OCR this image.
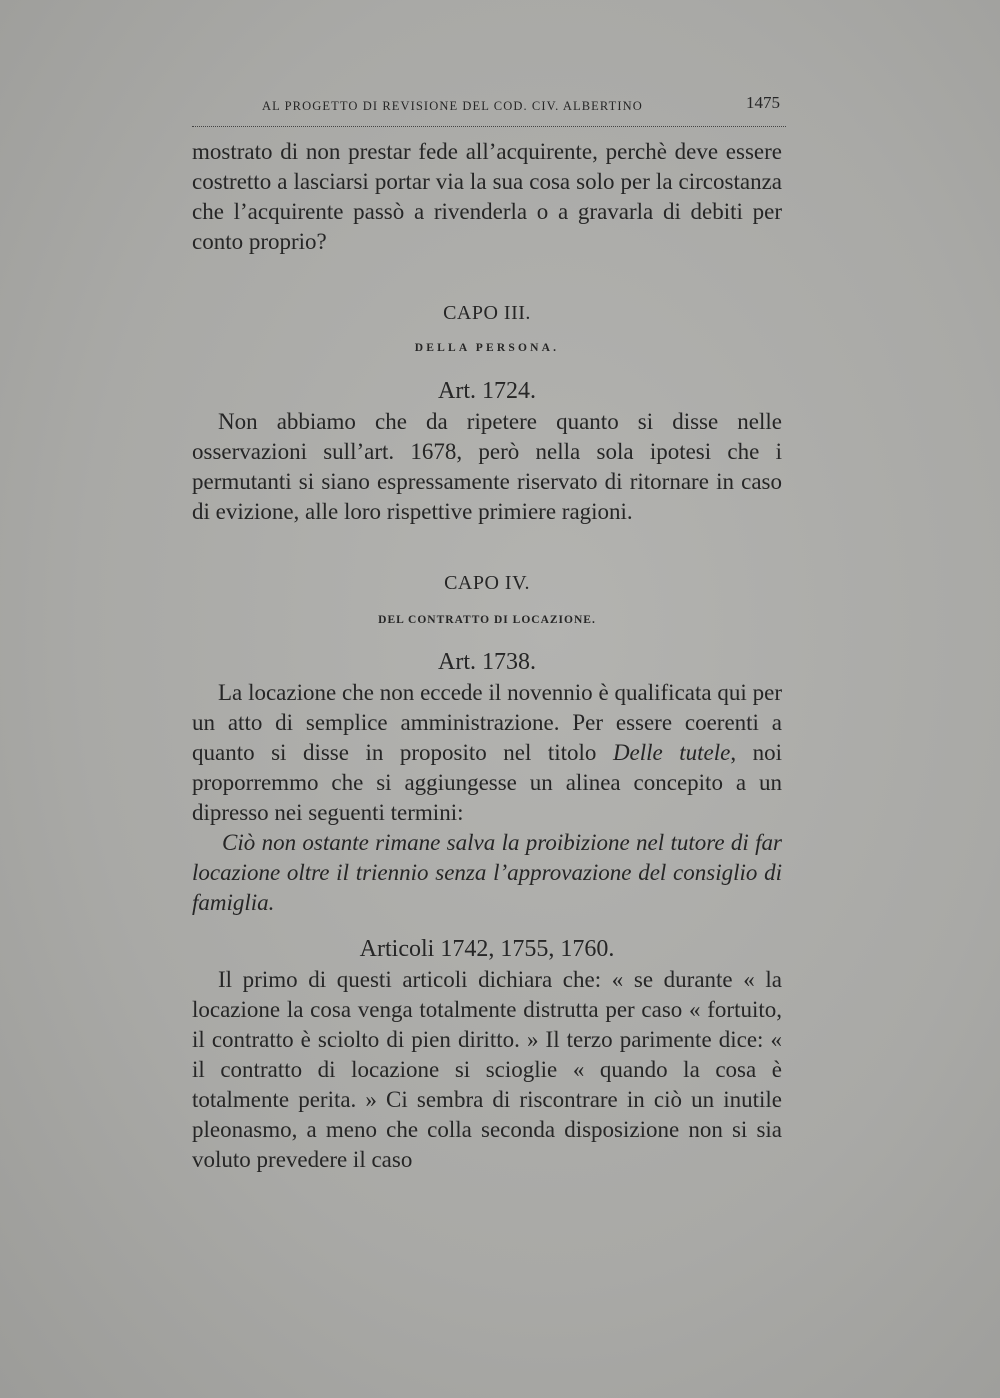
AL PROGETTO DI REVISIONE DEL COD. CIV. ALBERTINO	1475

mostrato di non prestar fede all’acquirente, perchè deve essere costretto a lasciarsi portar via la sua cosa solo per la circostanza che l’acquirente passò a rivenderla o a gravarla di debiti per conto proprio?

CAPO III.

DELLA PERSONA.

Art. 1724.

Non abbiamo che da ripetere quanto si disse nelle osservazioni sull’art. 1678, però nella sola ipotesi che i permutanti si siano espressamente riservato di ritornare in caso di evizione, alle loro rispettive primiere ragioni.

CAPO IV.

DEL CONTRATTO DI LOCAZIONE.

Art. 1738.

La locazione che non eccede il novennio è qualificata qui per un atto di semplice amministrazione. Per essere coerenti a quanto si disse in proposito nel titolo Delle tutele, noi proporremmo che si aggiungesse un alinea concepito a un dipresso nei seguenti termini:

Ciò non ostante rimane salva la proibizione nel tutore di far locazione oltre il triennio senza l’approvazione del consiglio di famiglia.

Articoli 1742, 1755, 1760.

Il primo di questi articoli dichiara che: « se durante « la locazione la cosa venga totalmente distrutta per caso « fortuito, il contratto è sciolto di pien diritto. » Il terzo parimente dice: « il contratto di locazione si scioglie « quando la cosa è totalmente perita. » Ci sembra di riscontrare in ciò un inutile pleonasmo, a meno che colla seconda disposizione non si sia voluto prevedere il caso
